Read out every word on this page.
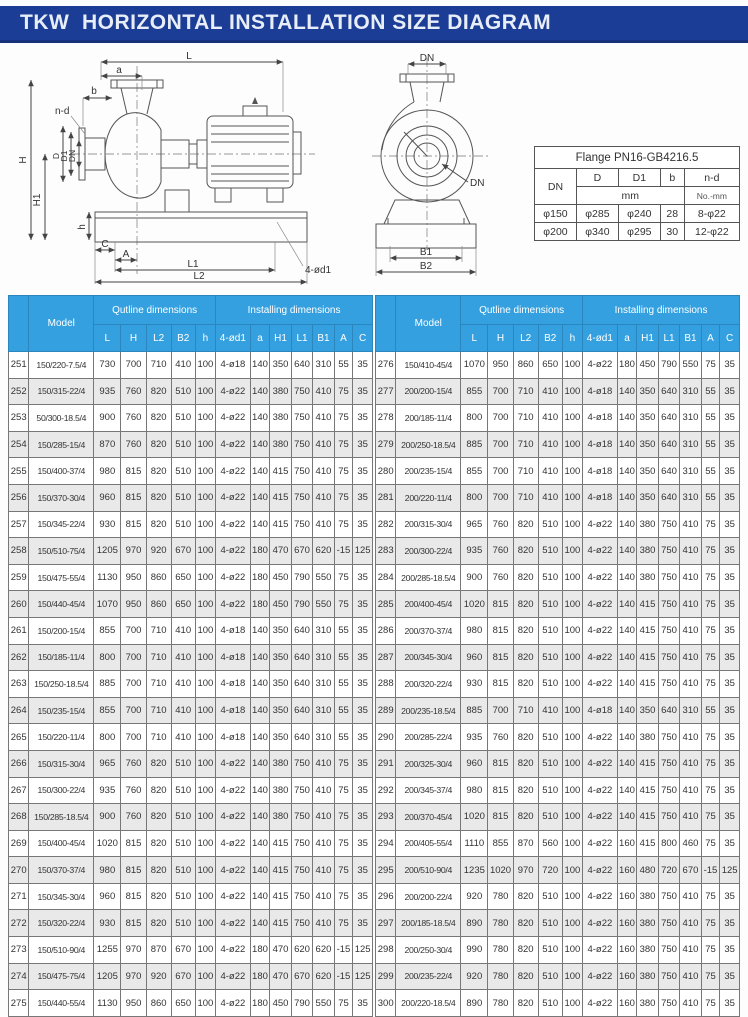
TKW  HORIZONTAL INSTALLATION SIZE DIAGRAM
L
a
b
n-d
H
H1
D
D1
DN
h
C
A
L1
L2
4-ød1
DN
DN
B1
B2
Flange PN16-GB4216.5				
DN	D	D1	b	n-d
	mm			No.-mm
φ150	φ285	φ240	28	8-φ22
φ200	φ340	φ295	30	12-φ22
	Model	Qutline dimensions					Installing dimensions						
		L	H	L2	B2	h	4-ød1	a	H1	L1	B1	A	C
251	150/220-7.5/4	730	700	710	410	100	4-ø18	140	350	640	310	55	35
252	150/315-22/4	935	760	820	510	100	4-ø22	140	380	750	410	75	35
253	50/300-18.5/4	900	760	820	510	100	4-ø22	140	380	750	410	75	35
254	150/285-15/4	870	760	820	510	100	4-ø22	140	380	750	410	75	35
255	150/400-37/4	980	815	820	510	100	4-ø22	140	415	750	410	75	35
256	150/370-30/4	960	815	820	510	100	4-ø22	140	415	750	410	75	35
257	150/345-22/4	930	815	820	510	100	4-ø22	140	415	750	410	75	35
258	150/510-75/4	1205	970	920	670	100	4-ø22	180	470	670	620	-15	125
259	150/475-55/4	1130	950	860	650	100	4-ø22	180	450	790	550	75	35
260	150/440-45/4	1070	950	860	650	100	4-ø22	180	450	790	550	75	35
261	150/200-15/4	855	700	710	410	100	4-ø18	140	350	640	310	55	35
262	150/185-11/4	800	700	710	410	100	4-ø18	140	350	640	310	55	35
263	150/250-18.5/4	885	700	710	410	100	4-ø18	140	350	640	310	55	35
264	150/235-15/4	855	700	710	410	100	4-ø18	140	350	640	310	55	35
265	150/220-11/4	800	700	710	410	100	4-ø18	140	350	640	310	55	35
266	150/315-30/4	965	760	820	510	100	4-ø22	140	380	750	410	75	35
267	150/300-22/4	935	760	820	510	100	4-ø22	140	380	750	410	75	35
268	150/285-18.5/4	900	760	820	510	100	4-ø22	140	380	750	410	75	35
269	150/400-45/4	1020	815	820	510	100	4-ø22	140	415	750	410	75	35
270	150/370-37/4	980	815	820	510	100	4-ø22	140	415	750	410	75	35
271	150/345-30/4	960	815	820	510	100	4-ø22	140	415	750	410	75	35
272	150/320-22/4	930	815	820	510	100	4-ø22	140	415	750	410	75	35
273	150/510-90/4	1255	970	870	670	100	4-ø22	180	470	620	620	-15	125
274	150/475-75/4	1205	970	920	670	100	4-ø22	180	470	670	620	-15	125
275	150/440-55/4	1130	950	860	650	100	4-ø22	180	450	790	550	75	35
	Model	Qutline dimensions					Installing dimensions						
		L	H	L2	B2	h	4-ød1	a	H1	L1	B1	A	C
276	150/410-45/4	1070	950	860	650	100	4-ø22	180	450	790	550	75	35
277	200/200-15/4	855	700	710	410	100	4-ø18	140	350	640	310	55	35
278	200/185-11/4	800	700	710	410	100	4-ø18	140	350	640	310	55	35
279	200/250-18.5/4	885	700	710	410	100	4-ø18	140	350	640	310	55	35
280	200/235-15/4	855	700	710	410	100	4-ø18	140	350	640	310	55	35
281	200/220-11/4	800	700	710	410	100	4-ø18	140	350	640	310	55	35
282	200/315-30/4	965	760	820	510	100	4-ø22	140	380	750	410	75	35
283	200/300-22/4	935	760	820	510	100	4-ø22	140	380	750	410	75	35
284	200/285-18.5/4	900	760	820	510	100	4-ø22	140	380	750	410	75	35
285	200/400-45/4	1020	815	820	510	100	4-ø22	140	415	750	410	75	35
286	200/370-37/4	980	815	820	510	100	4-ø22	140	415	750	410	75	35
287	200/345-30/4	960	815	820	510	100	4-ø22	140	415	750	410	75	35
288	200/320-22/4	930	815	820	510	100	4-ø22	140	415	750	410	75	35
289	200/235-18.5/4	885	700	710	410	100	4-ø18	140	350	640	310	55	35
290	200/285-22/4	935	760	820	510	100	4-ø22	140	380	750	410	75	35
291	200/325-30/4	960	815	820	510	100	4-ø22	140	415	750	410	75	35
292	200/345-37/4	980	815	820	510	100	4-ø22	140	415	750	410	75	35
293	200/370-45/4	1020	815	820	510	100	4-ø22	140	415	750	410	75	35
294	200/405-55/4	1110	855	870	560	100	4-ø22	160	415	800	460	75	35
295	200/510-90/4	1235	1020	970	720	100	4-ø22	160	480	720	670	-15	125
296	200/200-22/4	920	780	820	510	100	4-ø22	160	380	750	410	75	35
297	200/185-18.5/4	890	780	820	510	100	4-ø22	160	380	750	410	75	35
298	200/250-30/4	990	780	820	510	100	4-ø22	160	380	750	410	75	35
299	200/235-22/4	920	780	820	510	100	4-ø22	160	380	750	410	75	35
300	200/220-18.5/4	890	780	820	510	100	4-ø22	160	380	750	410	75	35
